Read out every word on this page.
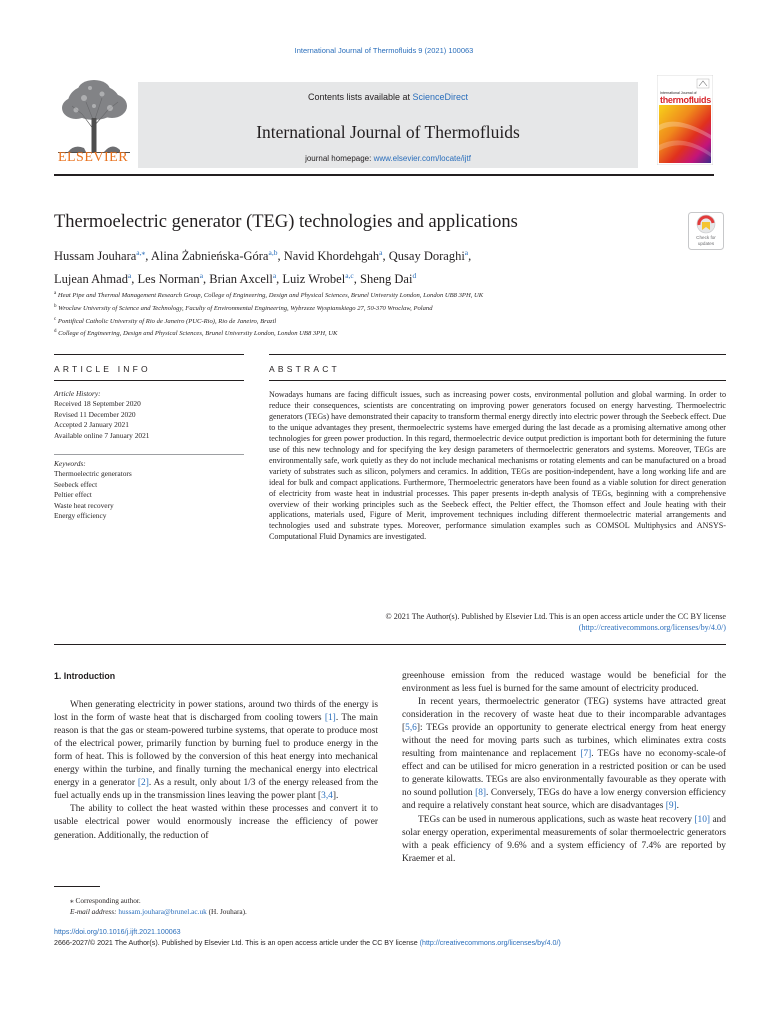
International Journal of Thermofluids 9 (2021) 100063
ELSEVIER
Contents lists available at ScienceDirect
International Journal of Thermofluids
journal homepage: www.elsevier.com/locate/ijtf
International Journal of
thermofluids
Thermoelectric generator (TEG) technologies and applications
Check for
updates
Hussam Jouhara$^{a,⁎}$, Alina Żabnieńska-Góra$^{a,b}$, Navid Khordehgah$^a$, Qusay Doraghi$^a$,
Lujean Ahmad$^a$, Les Norman$^a$, Brian Axcell$^a$, Luiz Wrobel$^{a,c}$, Sheng Dai$^d$
$^a$ Heat Pipe and Thermal Management Research Group, College of Engineering, Design and Physical Sciences, Brunel University London, London UB8 3PH, UK
$^b$ Wroclaw University of Science and Technology, Faculty of Environmental Engineering, Wybrzeze Wyspianskiego 27, 50-370 Wroclaw, Poland
$^c$ Pontifical Catholic University of Rio de Janeiro (PUC-Rio), Rio de Janeiro, Brazil
$^d$ College of Engineering, Design and Physical Sciences, Brunel University London, London UB8 3PH, UK
ARTICLE INFO	ABSTRACT
Article History:
Received 18 September 2020
Revised 11 December 2020
Accepted 2 January 2021
Available online 7 January 2021
Keywords:
Thermoelectric generators
Seebeck effect
Peltier effect
Waste heat recovery
Energy efficiency
Nowadays humans are facing difficult issues, such as increasing power costs, environmental pollution and global warming. In order to reduce their consequences, scientists are concentrating on improving power generators focused on energy harvesting. Thermoelectric generators (TEGs) have demonstrated their capacity to transform thermal energy directly into electric power through the Seebeck effect. Due to the unique advantages they present, thermoelectric systems have emerged during the last decade as a promising alternative among other technologies for green power production. In this regard, thermoelectric device output prediction is important both for determining the future use of this new technology and for specifying the key design parameters of thermoelectric generators and systems. Moreover, TEGs are environmentally safe, work quietly as they do not include mechanical mechanisms or rotating elements and can be manufactured on a broad variety of substrates such as silicon, polymers and ceramics. In addition, TEGs are position-independent, have a long working life and are ideal for bulk and compact applications. Furthermore, Thermoelectric generators have been found as a viable solution for direct generation of electricity from waste heat in industrial processes. This paper presents in-depth analysis of TEGs, beginning with a comprehensive overview of their working principles such as the Seebeck effect, the Peltier effect, the Thomson effect and Joule heating with their applications, materials used, Figure of Merit, improvement techniques including different thermoelectric material arrangements and technologies used and substrate types. Moreover, performance simulation examples such as COMSOL Multiphysics and ANSYS-Computational Fluid Dynamics are investigated.
© 2021 The Author(s). Published by Elsevier Ltd. This is an open access article under the CC BY license
(http://creativecommons.org/licenses/by/4.0/)
1. Introduction

When generating electricity in power stations, around two thirds of the energy is lost in the form of waste heat that is discharged from cooling towers [1]. The main reason is that the gas or steam-powered turbine systems, that operate to produce most of the electrical power, primarily function by burning fuel to produce energy in the form of heat. This is followed by the conversion of this heat energy into mechanical energy within the turbine, and finally turning the mechanical energy into electrical energy in a generator [2]. As a result, only about 1/3 of the energy released from the fuel actually ends up in the transmission lines leaving the power plant [3,4].

The ability to collect the heat wasted within these processes and convert it to usable electrical power would enormously increase the efficiency of power generation. Additionally, the reduction of

greenhouse emission from the reduced wastage would be beneficial for the environment as less fuel is burned for the same amount of electricity produced.

In recent years, thermoelectric generator (TEG) systems have attracted great consideration in the recovery of waste heat due to their incomparable advantages [5,6]: TEGs provide an opportunity to generate electrical energy from heat energy without the need for moving parts such as turbines, which eliminates extra costs resulting from maintenance and replacement [7]. TEGs have no economy-scale-of effect and can be utilised for micro generation in a restricted position or can be used to generate kilowatts. TEGs are also environmentally favourable as they operate with no sound pollution [8]. Conversely, TEGs do have a low energy conversion efficiency and require a relatively constant heat source, which are disadvantages [9].

TEGs can be used in numerous applications, such as waste heat recovery [10] and solar energy operation, experimental measurements of solar thermoelectric generators with a peak efficiency of 9.6% and a system efficiency of 7.4% are reported by Kraemer et al.

⁎ Corresponding author.
E-mail address: hussam.jouhara@brunel.ac.uk (H. Jouhara).
https://doi.org/10.1016/j.ijft.2021.100063
2666-2027/© 2021 The Author(s). Published by Elsevier Ltd. This is an open access article under the CC BY license (http://creativecommons.org/licenses/by/4.0/)
